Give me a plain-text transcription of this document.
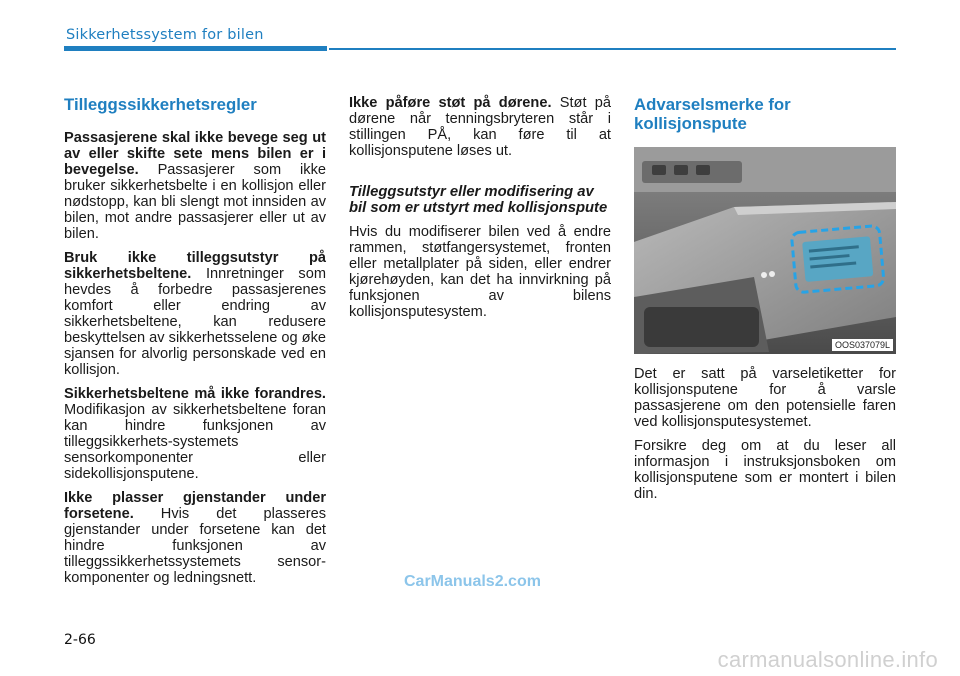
Sikkerhetssystem for bilen
Tilleggssikkerhetsregler

Passasjerene skal ikke bevege seg ut av eller skifte sete mens bilen er i bevegelse. Passasjerer som ikke bruker sikkerhetsbelte i en kollisjon eller nødstopp, kan bli slengt mot innsiden av bilen, mot andre passasjerer eller ut av bilen.

Bruk ikke tilleggsutstyr på sikkerhetsbeltene. Innretninger som hevdes å forbedre passasjerenes komfort eller endring av sikkerhetsbeltene, kan redusere beskyttelsen av sikkerhetsselene og øke sjansen for alvorlig personskade ved en kollisjon.

Sikkerhetsbeltene må ikke forandres. Modifikasjon av sikkerhetsbeltene foran kan hindre funksjonen av tilleggsikkerhets-systemets sensorkomponenter eller sidekollisjonsputene.

Ikke plasser gjenstander under forsetene. Hvis det plasseres gjenstander under forsetene kan det hindre funksjonen av tilleggssikkerhetssystemets sensor-komponenter og ledningsnett.

Ikke påføre støt på dørene. Støt på dørene når tenningsbryteren står i stillingen PÅ, kan føre til at kollisjonsputene løses ut.

Tilleggsutstyr eller modifisering av bil som er utstyrt med kollisjonspute

Hvis du modifiserer bilen ved å endre rammen, støtfangersystemet, fronten eller metallplater på siden, eller endrer kjørehøyden, kan det ha innvirkning på funksjonen av bilens kollisjonsputesystem.

Advarselsmerke for kollisjonspute
OOS037079L

Det er satt på varseletiketter for kollisjonsputene for å varsle passasjerene om den potensielle faren ved kollisjonsputesystemet.

Forsikre deg om at du leser all informasjon i instruksjonsboken om kollisjonsputene som er montert i bilen din.

CarManuals2.com
2-66
carmanualsonline.info
